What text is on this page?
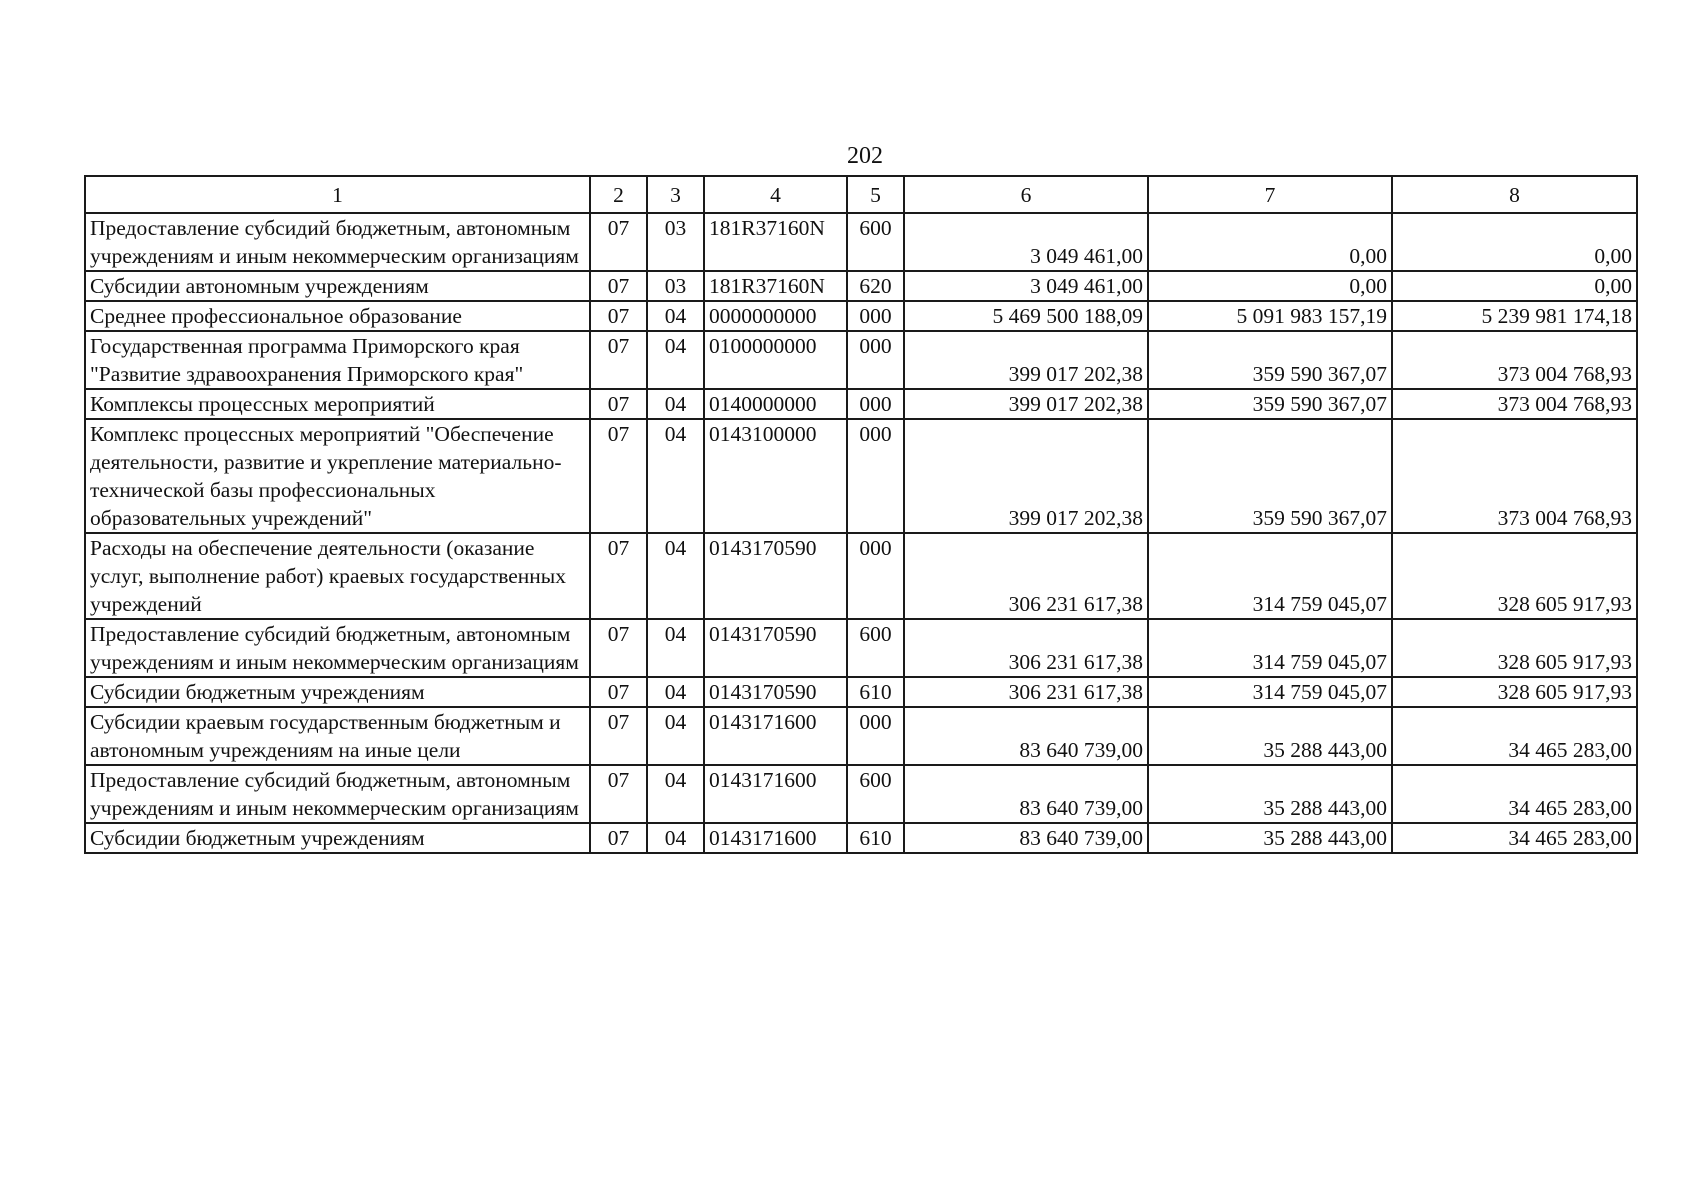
202
1	2	3	4	5	6	7	8
Предоставление субсидий бюджетным, автономным учреждениям и иным некоммерческим организациям	07	03	181R37160N	600	3 049 461,00	0,00	0,00
Субсидии автономным учреждениям	07	03	181R37160N	620	3 049 461,00	0,00	0,00
Среднее профессиональное образование	07	04	0000000000	000	5 469 500 188,09	5 091 983 157,19	5 239 981 174,18
Государственная программа Приморского края "Развитие здравоохранения Приморского края"	07	04	0100000000	000	399 017 202,38	359 590 367,07	373 004 768,93
Комплексы процессных мероприятий	07	04	0140000000	000	399 017 202,38	359 590 367,07	373 004 768,93
Комплекс процессных мероприятий "Обеспечение деятельности, развитие и укрепление материально-технической базы профессиональных образовательных учреждений"	07	04	0143100000	000	399 017 202,38	359 590 367,07	373 004 768,93
Расходы на обеспечение деятельности (оказание услуг, выполнение работ) краевых государственных учреждений	07	04	0143170590	000	306 231 617,38	314 759 045,07	328 605 917,93
Предоставление субсидий бюджетным, автономным учреждениям и иным некоммерческим организациям	07	04	0143170590	600	306 231 617,38	314 759 045,07	328 605 917,93
Субсидии бюджетным учреждениям	07	04	0143170590	610	306 231 617,38	314 759 045,07	328 605 917,93
Субсидии краевым государственным бюджетным и автономным учреждениям на иные цели	07	04	0143171600	000	83 640 739,00	35 288 443,00	34 465 283,00
Предоставление субсидий бюджетным, автономным учреждениям и иным некоммерческим организациям	07	04	0143171600	600	83 640 739,00	35 288 443,00	34 465 283,00
Субсидии бюджетным учреждениям	07	04	0143171600	610	83 640 739,00	35 288 443,00	34 465 283,00
